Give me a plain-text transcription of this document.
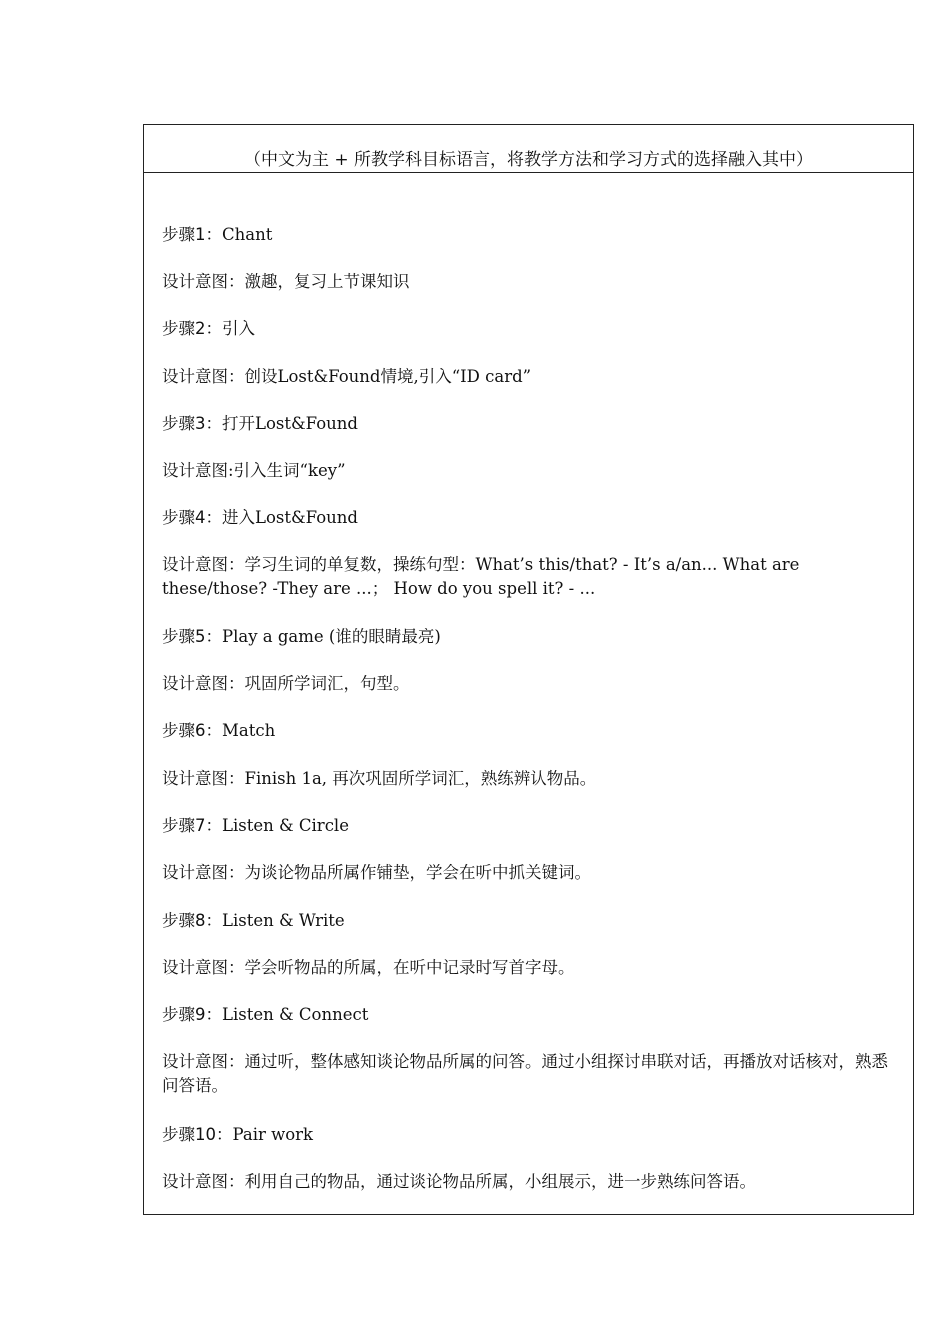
（中文为主 + 所教学科目标语言，将教学方法和学习方式的选择融入其中）
步骤1：Chant
设计意图：激趣，复习上节课知识
步骤2：引入
设计意图：创设Lost&Found情境,引入“ID card”
步骤3：打开Lost&Found
设计意图:引入生词“key”
步骤4：进入Lost&Found
设计意图：学习生词的单复数，操练句型：What’s this/that? - It’s a/an... What are these/those? -They are ...； How do you spell it? - ...
步骤5：Play a game (谁的眼睛最亮)
设计意图：巩固所学词汇，句型。
步骤6：Match
设计意图：Finish 1a, 再次巩固所学词汇，熟练辨认物品。
步骤7：Listen & Circle
设计意图：为谈论物品所属作铺垫，学会在听中抓关键词。
步骤8：Listen & Write
设计意图：学会听物品的所属，在听中记录时写首字母。
步骤9：Listen & Connect
设计意图：通过听，整体感知谈论物品所属的问答。通过小组探讨串联对话，再播放对话核对，熟悉问答语。
步骤10：Pair work
设计意图：利用自己的物品，通过谈论物品所属，小组展示，进一步熟练问答语。
